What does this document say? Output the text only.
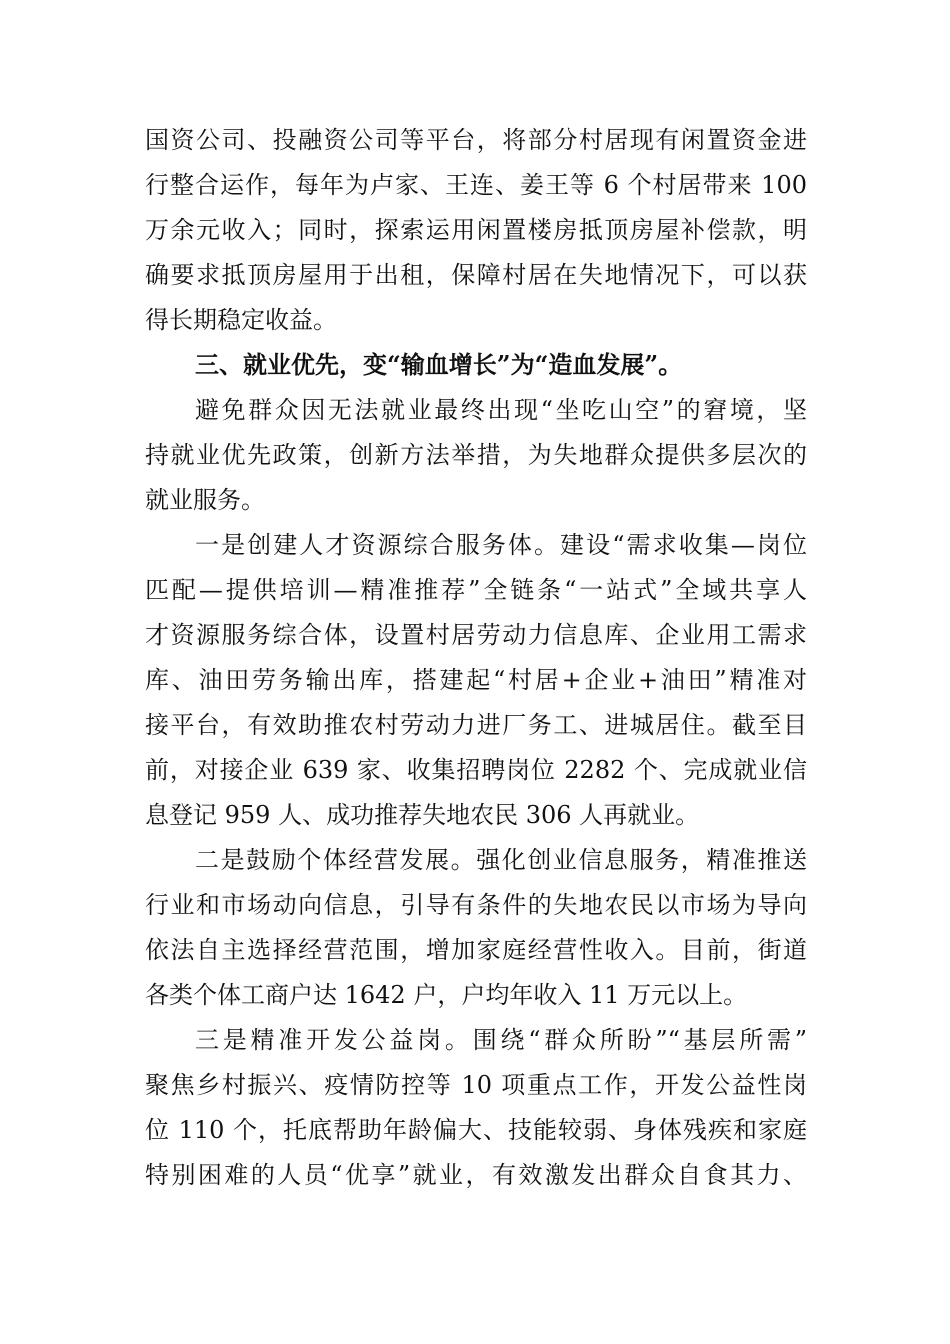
国资公司、投融资公司等平台，将部分村居现有闲置资金进
行整合运作，每年为卢家、王连、姜王等 6 个村居带来 100
万余元收入；同时，探索运用闲置楼房抵顶房屋补偿款，明
确要求抵顶房屋用于出租，保障村居在失地情况下，可以获
得长期稳定收益。
三、就业优先，变“输血增长”为“造血发展”。
避免群众因无法就业最终出现“坐吃山空”的窘境，坚
持就业优先政策，创新方法举措，为失地群众提供多层次的
就业服务。
一是创建人才资源综合服务体。建设“需求收集—岗位
匹配—提供培训—精准推荐”全链条“一站式”全域共享人
才资源服务综合体，设置村居劳动力信息库、企业用工需求
库、油田劳务输出库，搭建起“村居+企业+油田”精准对
接平台，有效助推农村劳动力进厂务工、进城居住。截至目
前，对接企业 639 家、收集招聘岗位 2282 个、完成就业信
息登记 959 人、成功推荐失地农民 306 人再就业。
二是鼓励个体经营发展。强化创业信息服务，精准推送
行业和市场动向信息，引导有条件的失地农民以市场为导向
依法自主选择经营范围，增加家庭经营性收入。目前，街道
各类个体工商户达 1642 户，户均年收入 11 万元以上。
三是精准开发公益岗。围绕“群众所盼”“基层所需”
聚焦乡村振兴、疫情防控等 10 项重点工作，开发公益性岗
位 110 个，托底帮助年龄偏大、技能较弱、身体残疾和家庭
特别困难的人员“优享”就业，有效激发出群众自食其力、
